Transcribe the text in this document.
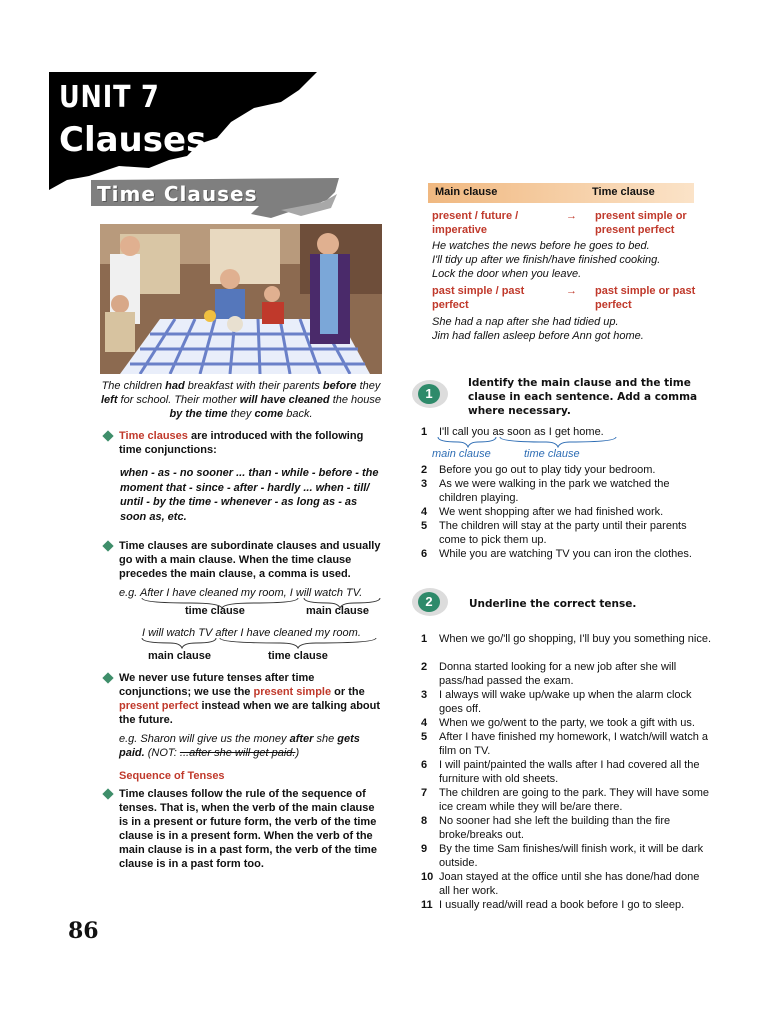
UNIT 7
Clauses
Time Clauses
The children had breakfast with their parents before they left for school. Their mother will have cleaned the house by the time they come back.
Time clauses are introduced with the following time conjunctions:
when - as - no sooner ... than - while - before - the moment that - since - after - hardly ... when - till/ until - by the time - whenever - as long as - as soon as, etc.
Time clauses are subordinate clauses and usually go with a main clause. When the time clause precedes the main clause, a comma is used.
e.g. After I have cleaned my room, I will watch TV.
time clause	main clause
I will watch TV after I have cleaned my room.
main clause	time clause
We never use future tenses after time conjunctions; we use the present simple or the present perfect instead when we are talking about the future.
e.g. Sharon will give us the money after she gets paid. (NOT: ...after she will get paid.)
Sequence of Tenses
Time clauses follow the rule of the sequence of tenses. That is, when the verb of the main clause is in a present or future form, the verb of the time clause is in a present form. When the verb of the main clause is in a past form, the verb of the time clause is in a past form too.
86
Main clause	Time clause
present / future / imperative
→ present simple or present perfect
He watches the news before he goes to bed.
I'll tidy up after we finish/have finished cooking.
Lock the door when you leave.
past simple / past perfect
→ past simple or past perfect
She had a nap after she had tidied up.
Jim had fallen asleep before Ann got home.
1
Identify the main clause and the time clause in each sentence. Add a comma where necessary.
1 I'll call you as soon as I get home.
main clause	time clause
2 Before you go out to play tidy your bedroom.
3 As we were walking in the park we watched the children playing.
4 We went shopping after we had finished work.
5 The children will stay at the party until their parents come to pick them up.
6 While you are watching TV you can iron the clothes.
2	Underline the correct tense.
1 When we go/'ll go shopping, I'll buy you something nice.
2 Donna started looking for a new job after she will pass/had passed the exam.
3 I always will wake up/wake up when the alarm clock goes off.
4 When we go/went to the party, we took a gift with us.
5 After I have finished my homework, I watch/will watch a film on TV.
6 I will paint/painted the walls after I had covered all the furniture with old sheets.
7 The children are going to the park. They will have some ice cream while they will be/are there.
8 No sooner had she left the building than the fire broke/breaks out.
9 By the time Sam finishes/will finish work, it will be dark outside.
10 Joan stayed at the office until she has done/had done all her work.
11 I usually read/will read a book before I go to sleep.
